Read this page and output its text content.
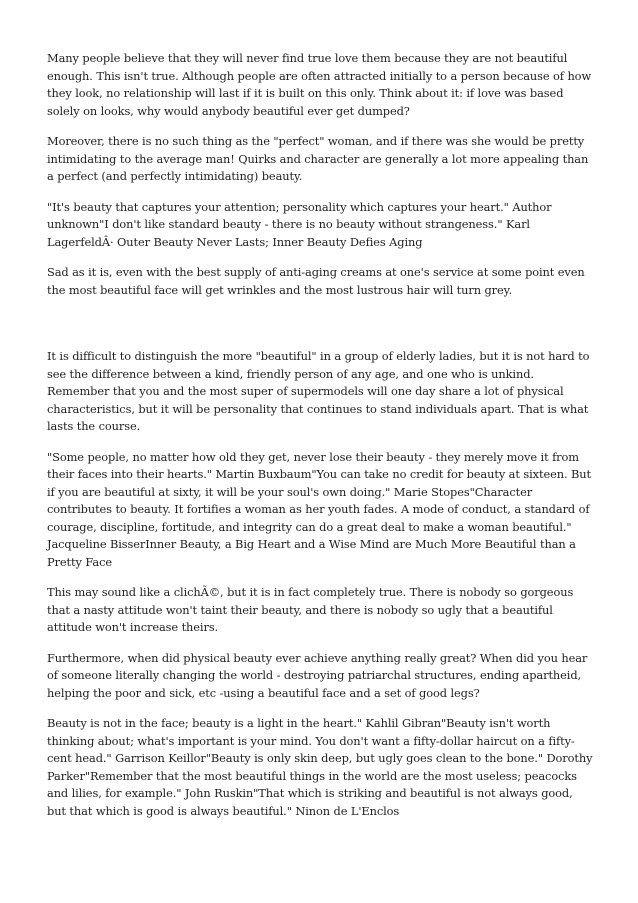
Many people believe that they will never find true love them because they are not beautiful enough. This isn't true. Although people are often attracted initially to a person because of how they look, no relationship will last if it is built on this only. Think about it: if love was based solely on looks, why would anybody beautiful ever get dumped?

Moreover, there is no such thing as the "perfect" woman, and if there was she would be pretty intimidating to the average man! Quirks and character are generally a lot more appealing than a perfect (and perfectly intimidating) beauty.

"It's beauty that captures your attention; personality which captures your heart." Author unknown"I don't like standard beauty - there is no beauty without strangeness." Karl LagerfeldÂ· Outer Beauty Never Lasts; Inner Beauty Defies Aging

Sad as it is, even with the best supply of anti-aging creams at one's service at some point even the most beautiful face will get wrinkles and the most lustrous hair will turn grey.

It is difficult to distinguish the more "beautiful" in a group of elderly ladies, but it is not hard to see the difference between a kind, friendly person of any age, and one who is unkind. Remember that you and the most super of supermodels will one day share a lot of physical characteristics, but it will be personality that continues to stand individuals apart. That is what lasts the course.

"Some people, no matter how old they get, never lose their beauty - they merely move it from their faces into their hearts." Martin Buxbaum"You can take no credit for beauty at sixteen. But if you are beautiful at sixty, it will be your soul's own doing." Marie Stopes"Character contributes to beauty. It fortifies a woman as her youth fades. A mode of conduct, a standard of courage, discipline, fortitude, and integrity can do a great deal to make a woman beautiful." Jacqueline BisserInner Beauty, a Big Heart and a Wise Mind are Much More Beautiful than a Pretty Face

This may sound like a clichÃ©, but it is in fact completely true. There is nobody so gorgeous that a nasty attitude won't taint their beauty, and there is nobody so ugly that a beautiful attitude won't increase theirs.

Furthermore, when did physical beauty ever achieve anything really great? When did you hear of someone literally changing the world - destroying patriarchal structures, ending apartheid, helping the poor and sick, etc -using a beautiful face and a set of good legs?

Beauty is not in the face; beauty is a light in the heart." Kahlil Gibran"Beauty isn't worth thinking about; what's important is your mind. You don't want a fifty-dollar haircut on a fifty-cent head." Garrison Keillor"Beauty is only skin deep, but ugly goes clean to the bone." Dorothy Parker"Remember that the most beautiful things in the world are the most useless; peacocks and lilies, for example." John Ruskin"That which is striking and beautiful is not always good, but that which is good is always beautiful." Ninon de L'Enclos
